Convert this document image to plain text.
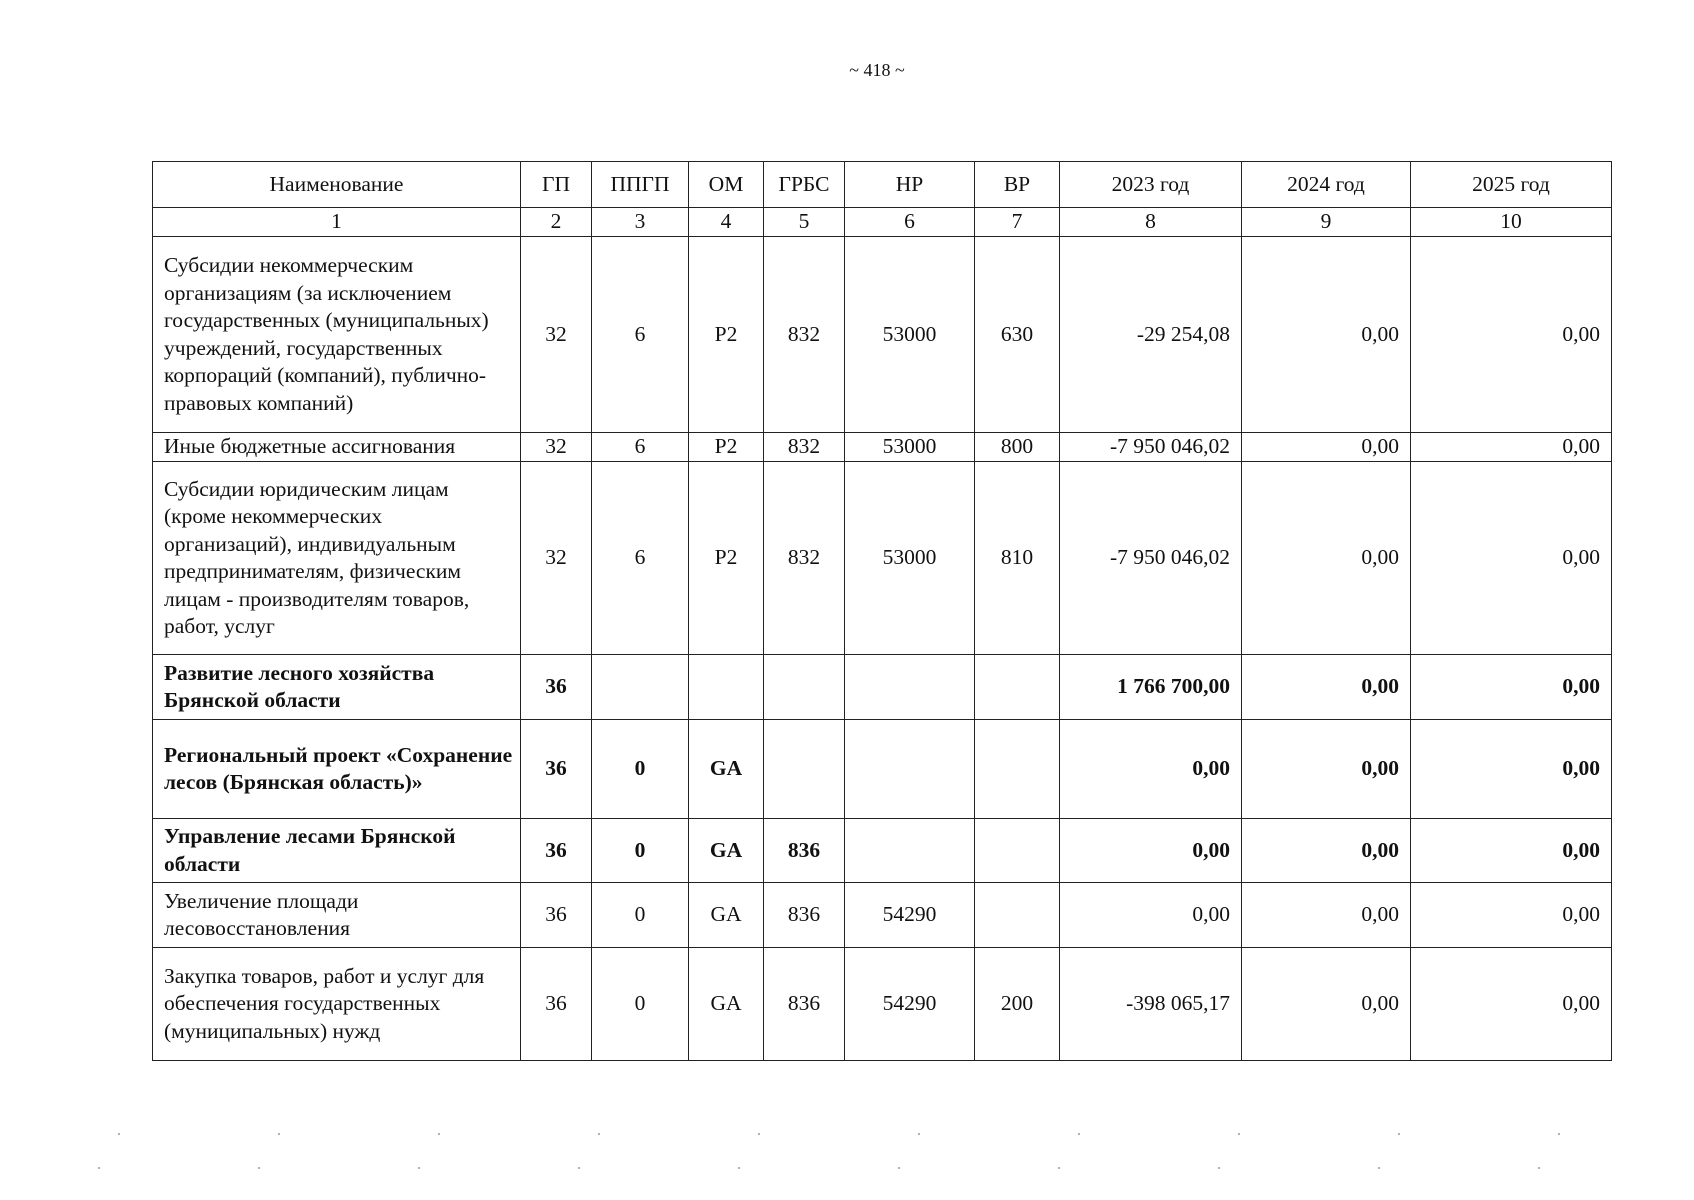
~ 418 ~
Наименование	ГП	ППГП	ОМ	ГРБС	НР	ВР	2023 год	2024 год	2025 год
1	2	3	4	5	6	7	8	9	10
Субсидии некоммерческим организациям (за исключением государственных (муниципальных) учреждений, государственных корпораций (компаний), публично-правовых компаний)	32	6	Р2	832	53000	630	-29 254,08	0,00	0,00
Иные бюджетные ассигнования	32	6	Р2	832	53000	800	-7 950 046,02	0,00	0,00
Субсидии юридическим лицам (кроме некоммерческих организаций), индивидуальным предпринимателям, физическим лицам - производителям товаров, работ, услуг	32	6	Р2	832	53000	810	-7 950 046,02	0,00	0,00
Развитие лесного хозяйства Брянской области	36						1 766 700,00	0,00	0,00
Региональный проект «Сохранение лесов (Брянская область)»	36	0	GA				0,00	0,00	0,00
Управление лесами Брянской области	36	0	GA	836			0,00	0,00	0,00
Увеличение площади лесовосстановления	36	0	GA	836	54290		0,00	0,00	0,00
Закупка товаров, работ и услуг для обеспечения государственных (муниципальных) нужд	36	0	GA	836	54290	200	-398 065,17	0,00	0,00
